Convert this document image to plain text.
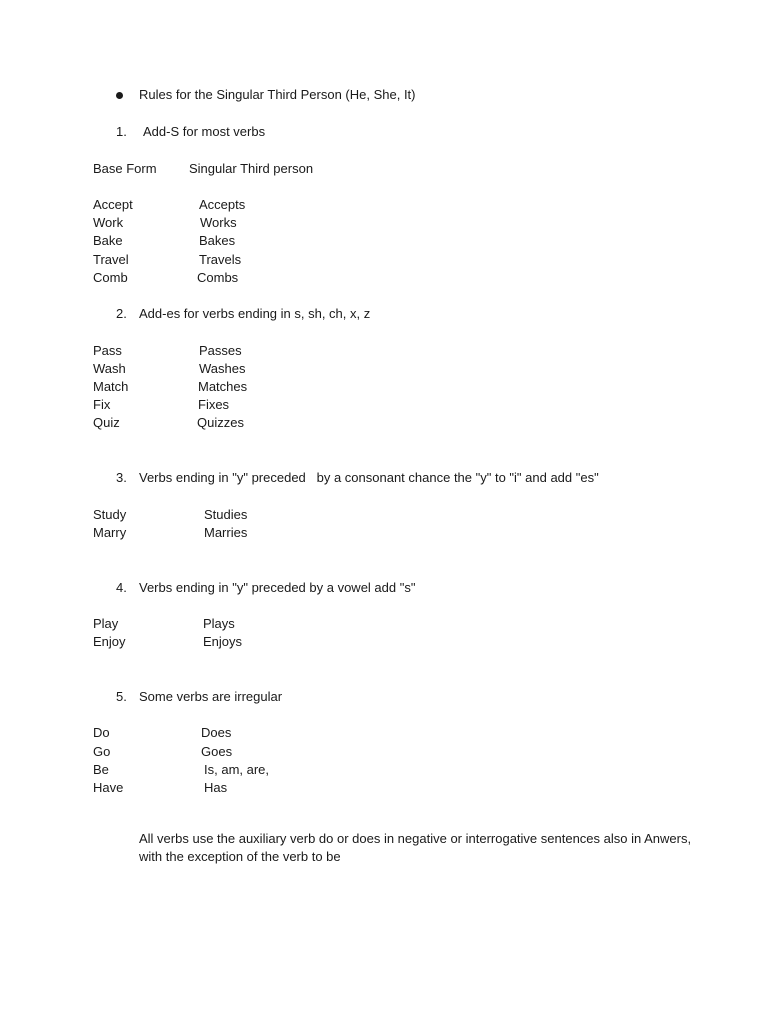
Rules for the Singular Third Person (He, She, It)

1. Add-S for most verbs

Base Form Singular Third person

Accept	Accepts

Work	Works

Bake	Bakes

Travel	Travels

Comb	Combs

2. Add-es for verbs ending in s, sh, ch, x, z

Pass	Passes

Wash	Washes

Match	Matches

Fix	Fixes

Quiz	Quizzes

3. Verbs ending in "y" preceded   by a consonant chance the "y" to "i" and add "es"

Study	Studies

Marry	Marries

4. Verbs ending in "y" preceded by a vowel add "s"

Play	Plays

Enjoy	Enjoys

5. Some verbs are irregular

Do	Does

Go	Goes

Be	Is, am, are,

Have	Has

All verbs use the auxiliary verb do or does in negative or interrogative sentences also in Anwers, with the exception of the verb to be
